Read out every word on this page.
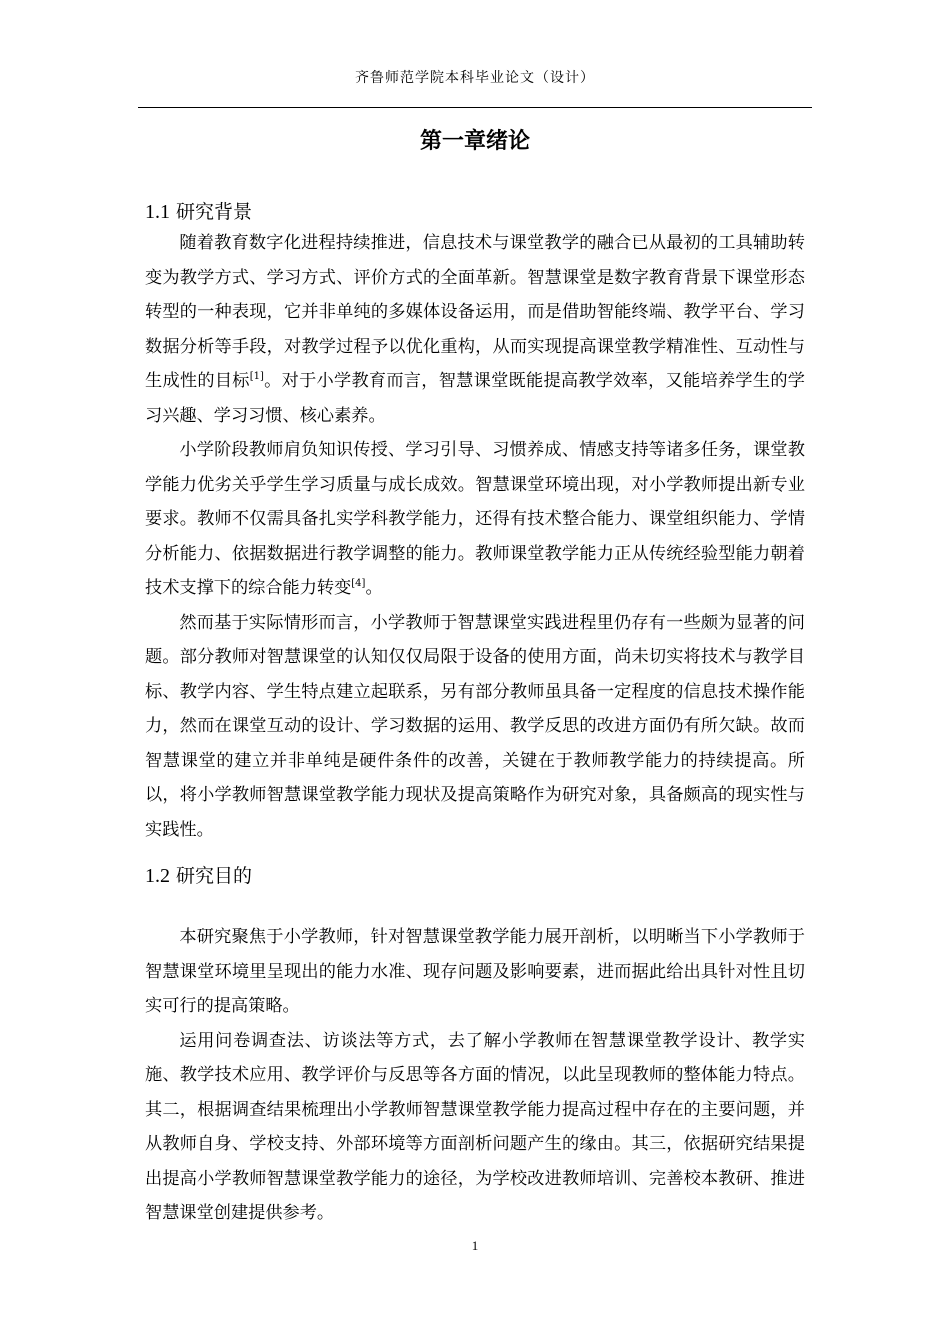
齐鲁师范学院本科毕业论文（设计）
第一章绪论
1.1 研究背景

随着教育数字化进程持续推进，信息技术与课堂教学的融合已从最初的工具辅助转变为教学方式、学习方式、评价方式的全面革新。智慧课堂是数字教育背景下课堂形态转型的一种表现，它并非单纯的多媒体设备运用，而是借助智能终端、教学平台、学习数据分析等手段，对教学过程予以优化重构，从而实现提高课堂教学精准性、互动性与生成性的目标[1]。对于小学教育而言，智慧课堂既能提高教学效率，又能培养学生的学习兴趣、学习习惯、核心素养。

小学阶段教师肩负知识传授、学习引导、习惯养成、情感支持等诸多任务，课堂教学能力优劣关乎学生学习质量与成长成效。智慧课堂环境出现，对小学教师提出新专业要求。教师不仅需具备扎实学科教学能力，还得有技术整合能力、课堂组织能力、学情分析能力、依据数据进行教学调整的能力。教师课堂教学能力正从传统经验型能力朝着技术支撑下的综合能力转变[4]。

然而基于实际情形而言，小学教师于智慧课堂实践进程里仍存有一些颇为显著的问题。部分教师对智慧课堂的认知仅仅局限于设备的使用方面，尚未切实将技术与教学目标、教学内容、学生特点建立起联系，另有部分教师虽具备一定程度的信息技术操作能力，然而在课堂互动的设计、学习数据的运用、教学反思的改进方面仍有所欠缺。故而智慧课堂的建立并非单纯是硬件条件的改善，关键在于教师教学能力的持续提高。所以，将小学教师智慧课堂教学能力现状及提高策略作为研究对象，具备颇高的现实性与实践性。

1.2 研究目的

本研究聚焦于小学教师，针对智慧课堂教学能力展开剖析，以明晰当下小学教师于智慧课堂环境里呈现出的能力水准、现存问题及影响要素，进而据此给出具针对性且切实可行的提高策略。

运用问卷调查法、访谈法等方式，去了解小学教师在智慧课堂教学设计、教学实施、教学技术应用、教学评价与反思等各方面的情况，以此呈现教师的整体能力特点。其二，根据调查结果梳理出小学教师智慧课堂教学能力提高过程中存在的主要问题，并从教师自身、学校支持、外部环境等方面剖析问题产生的缘由。其三，依据研究结果提出提高小学教师智慧课堂教学能力的途径，为学校改进教师培训、完善校本教研、推进智慧课堂创建提供参考。

1
